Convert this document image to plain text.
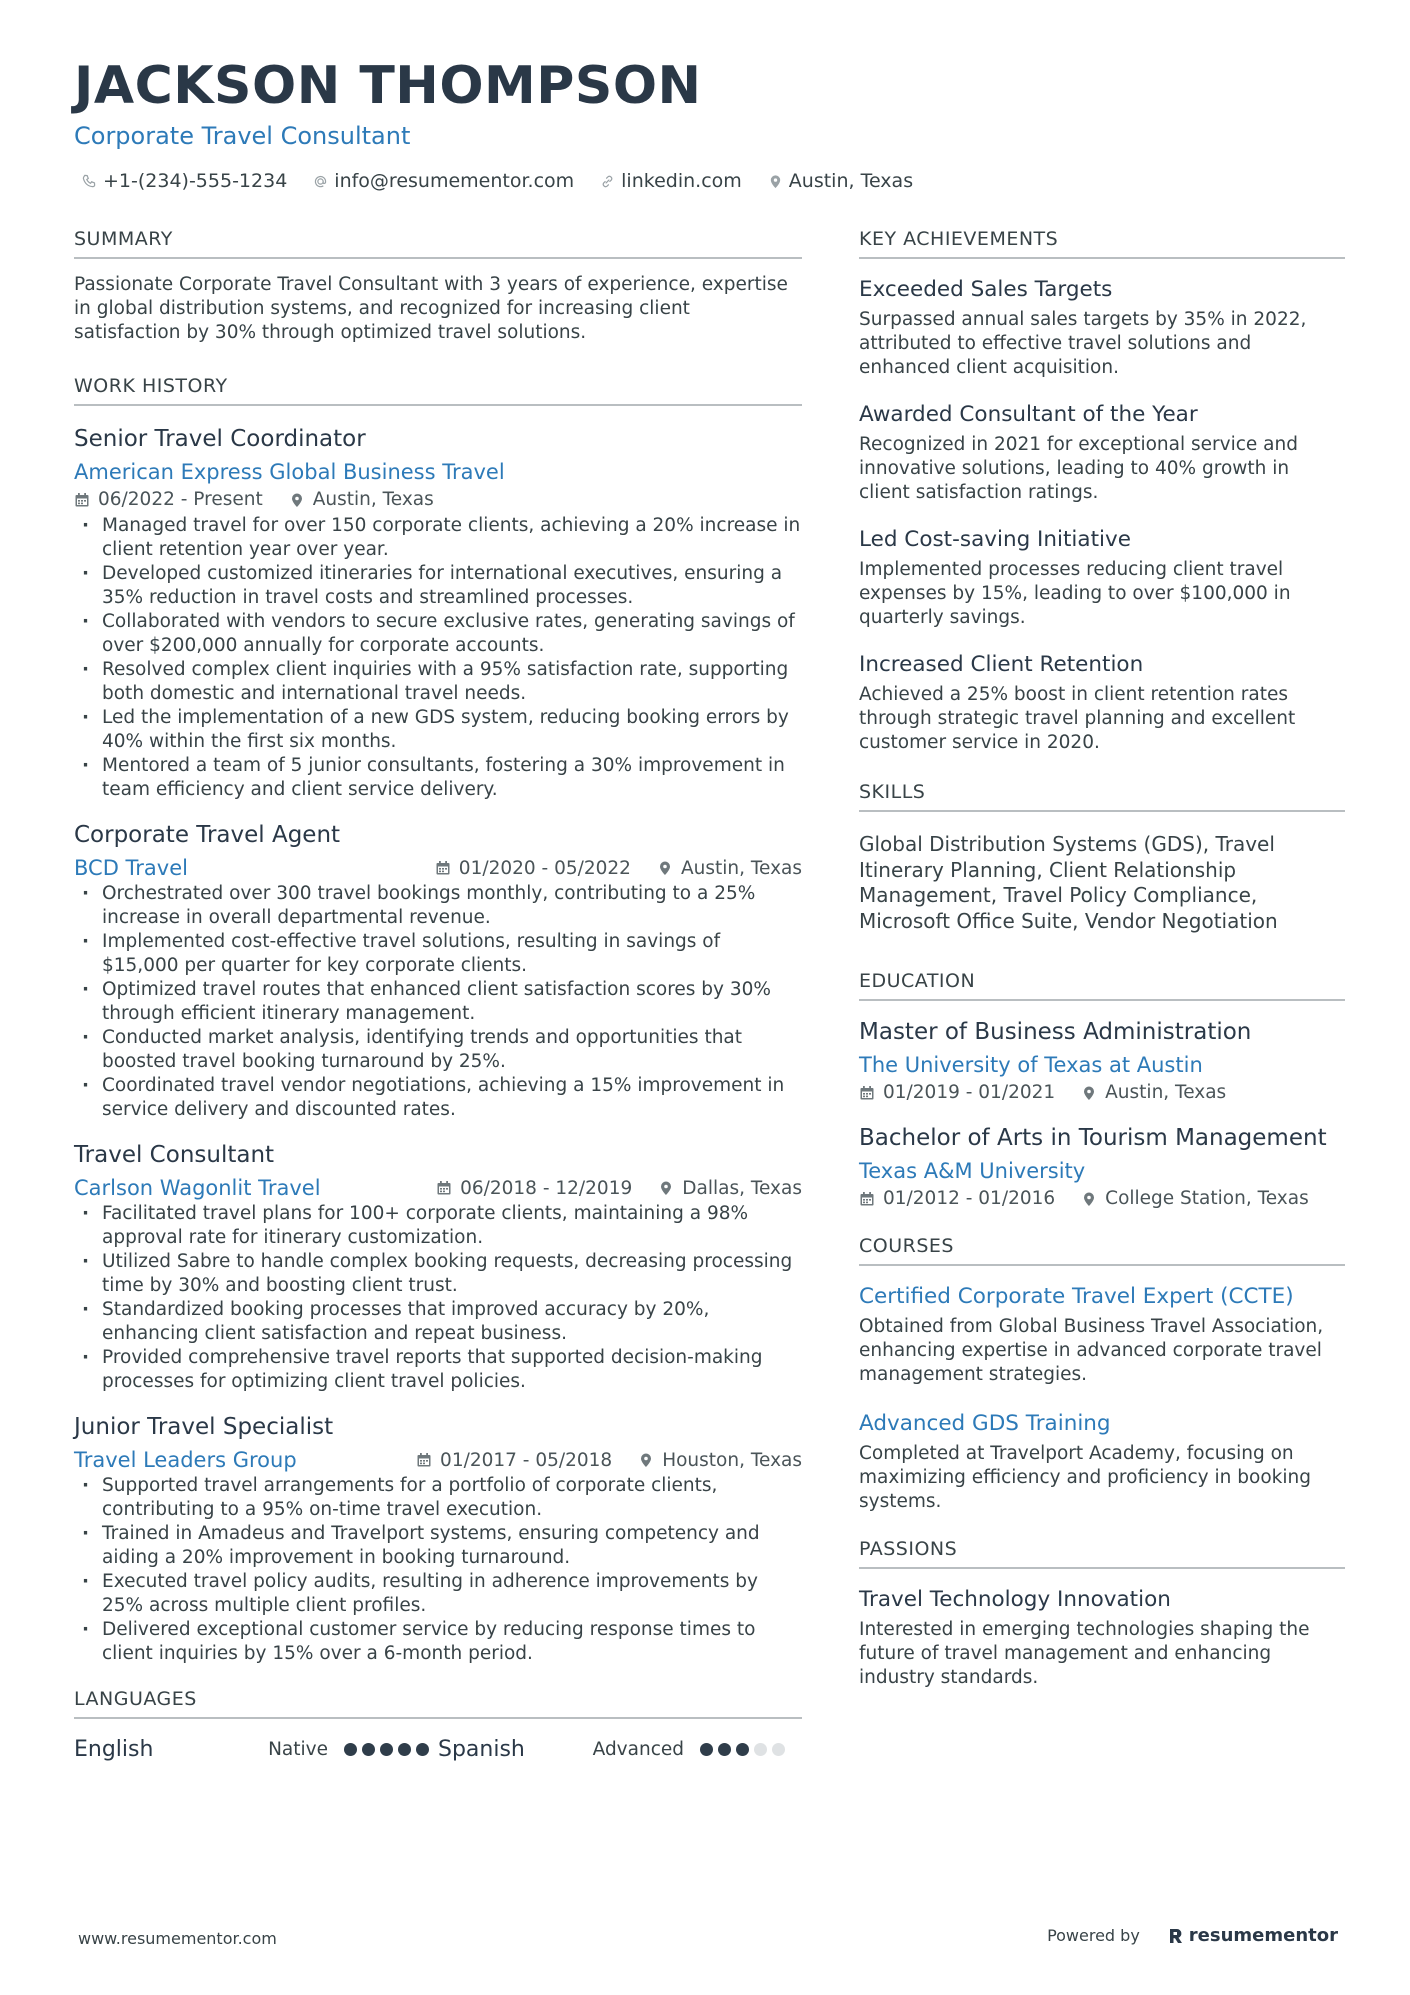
JACKSON THOMPSON
Corporate Travel Consultant
+1-(234)-555-1234 info@resumementor.com linkedin.com Austin, Texas
SUMMARY
Passionate Corporate Travel Consultant with 3 years of experience, expertise in global distribution systems, and recognized for increasing client satisfaction by 30% through optimized travel solutions.
WORK HISTORY
Senior Travel Coordinator
American Express Global Business Travel
06/2022 - Present	Austin, Texas
· Managed travel for over 150 corporate clients, achieving a 20% increase in client retention year over year.
· Developed customized itineraries for international executives, ensuring a 35% reduction in travel costs and streamlined processes.
· Collaborated with vendors to secure exclusive rates, generating savings of over $200,000 annually for corporate accounts.
· Resolved complex client inquiries with a 95% satisfaction rate, supporting both domestic and international travel needs.
· Led the implementation of a new GDS system, reducing booking errors by 40% within the first six months.
· Mentored a team of 5 junior consultants, fostering a 30% improvement in team efficiency and client service delivery.
Corporate Travel Agent
BCD Travel	01/2020 - 05/2022	Austin, Texas
· Orchestrated over 300 travel bookings monthly, contributing to a 25% increase in overall departmental revenue.
· Implemented cost-effective travel solutions, resulting in savings of $15,000 per quarter for key corporate clients.
· Optimized travel routes that enhanced client satisfaction scores by 30% through efficient itinerary management.
· Conducted market analysis, identifying trends and opportunities that boosted travel booking turnaround by 25%.
· Coordinated travel vendor negotiations, achieving a 15% improvement in service delivery and discounted rates.
Travel Consultant
Carlson Wagonlit Travel	06/2018 - 12/2019	Dallas, Texas
· Facilitated travel plans for 100+ corporate clients, maintaining a 98% approval rate for itinerary customization.
· Utilized Sabre to handle complex booking requests, decreasing processing time by 30% and boosting client trust.
· Standardized booking processes that improved accuracy by 20%, enhancing client satisfaction and repeat business.
· Provided comprehensive travel reports that supported decision-making processes for optimizing client travel policies.
Junior Travel Specialist
Travel Leaders Group	01/2017 - 05/2018	Houston, Texas
· Supported travel arrangements for a portfolio of corporate clients, contributing to a 95% on-time travel execution.
· Trained in Amadeus and Travelport systems, ensuring competency and aiding a 20% improvement in booking turnaround.
· Executed travel policy audits, resulting in adherence improvements by 25% across multiple client profiles.
· Delivered exceptional customer service by reducing response times to client inquiries by 15% over a 6-month period.
LANGUAGES
English	Native	Spanish	Advanced
KEY ACHIEVEMENTS
Exceeded Sales Targets
Surpassed annual sales targets by 35% in 2022, attributed to effective travel solutions and enhanced client acquisition.
Awarded Consultant of the Year
Recognized in 2021 for exceptional service and innovative solutions, leading to 40% growth in client satisfaction ratings.
Led Cost-saving Initiative
Implemented processes reducing client travel expenses by 15%, leading to over $100,000 in quarterly savings.
Increased Client Retention
Achieved a 25% boost in client retention rates through strategic travel planning and excellent customer service in 2020.
SKILLS
Global Distribution Systems (GDS), Travel Itinerary Planning, Client Relationship Management, Travel Policy Compliance, Microsoft Office Suite, Vendor Negotiation
EDUCATION
Master of Business Administration
The University of Texas at Austin
01/2019 - 01/2021	Austin, Texas
Bachelor of Arts in Tourism Management
Texas A&M University
01/2012 - 01/2016	College Station, Texas
COURSES
Certified Corporate Travel Expert (CCTE)
Obtained from Global Business Travel Association, enhancing expertise in advanced corporate travel management strategies.
Advanced GDS Training
Completed at Travelport Academy, focusing on maximizing efficiency and proficiency in booking systems.
PASSIONS
Travel Technology Innovation
Interested in emerging technologies shaping the future of travel management and enhancing industry standards.
www.resumementor.com	Powered by	resumementor
